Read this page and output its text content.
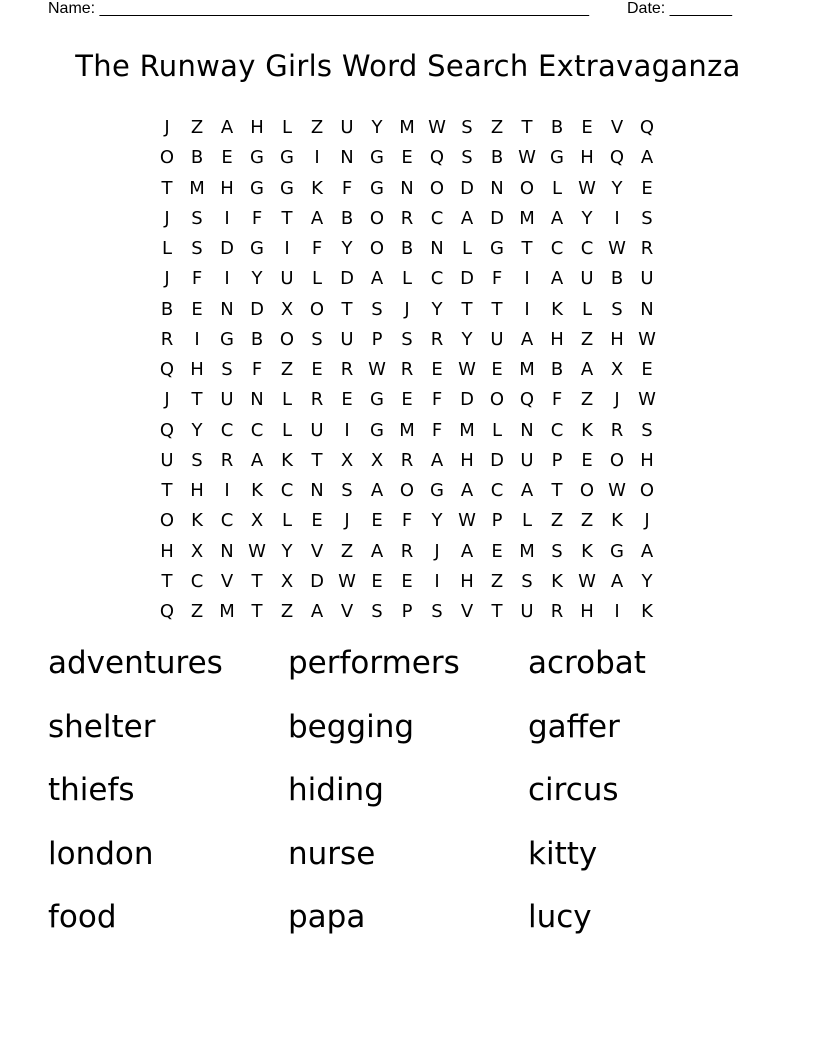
Name: _______________________________________________________ Date: _______
The Runway Girls Word Search Extravaganza
J	Z A H	L	Z U Y M W S	Z	T	B	E	V Q
O B	E G G	I	N G E Q S	B W G H Q A
T M H G G K	F G N O D N O L W Y	E
J	S	I	F	T	A B O R C A D M A	Y	I	S
L	S D G	I	F	Y O B N	L	G T	C C W R
J	F	I	Y U	L	D A	L	C D F	I	A U B U
B	E N D X O T	S	J	Y	T	T	I	K	L	S N
R	I	G B O S U P	S	R	Y U A H Z H W
Q H S	F	Z	E	R W R	E W E M B A X	E
J	T U N	L	R	E G E	F D O Q F	Z	J	W
Q Y	C C	L	U	I	G M F M L	N C K R	S
U S	R A K	T	X X R A H D U P	E O H
T H	I	K C N S	A O G A C A	T O W O
O K C X	L	E	J	E	F	Y W P	L	Z Z K	J
H X N W Y	V Z A R	J	A	E M S	K G A
T	C V	T	X D W E	E	I	H Z	S	K W A	Y
Q Z M T	Z A V	S	P	S	V	T U R H	I	K
adventures	performers	acrobat
shelter	begging	gaffer
thiefs	hiding	circus
london	nurse	kitty
food	papa	lucy
